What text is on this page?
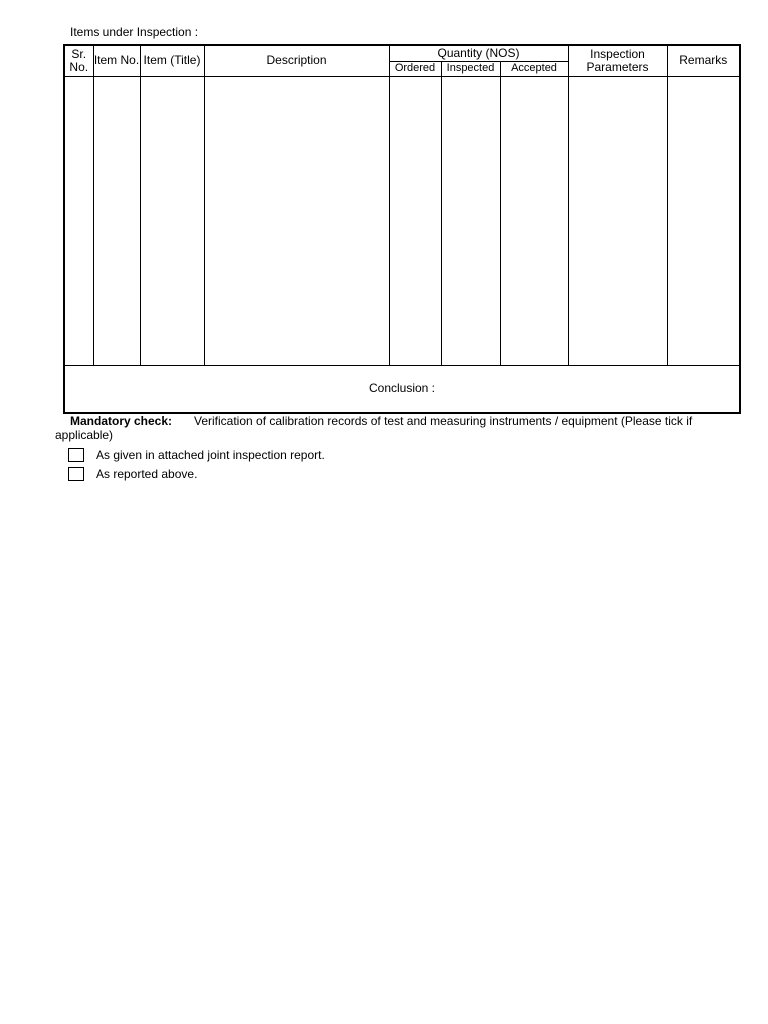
Items under Inspection :
Sr. No.	Item No.	Item (Title)	Description	Quantity (NOS)			Inspection Parameters	Remarks
				Ordered	Inspected	Accepted		

Conclusion :								
Mandatory check: Verification of calibration records of test and measuring instruments / equipment (Please tick if applicable)
As given in attached joint inspection report.
As reported above.
